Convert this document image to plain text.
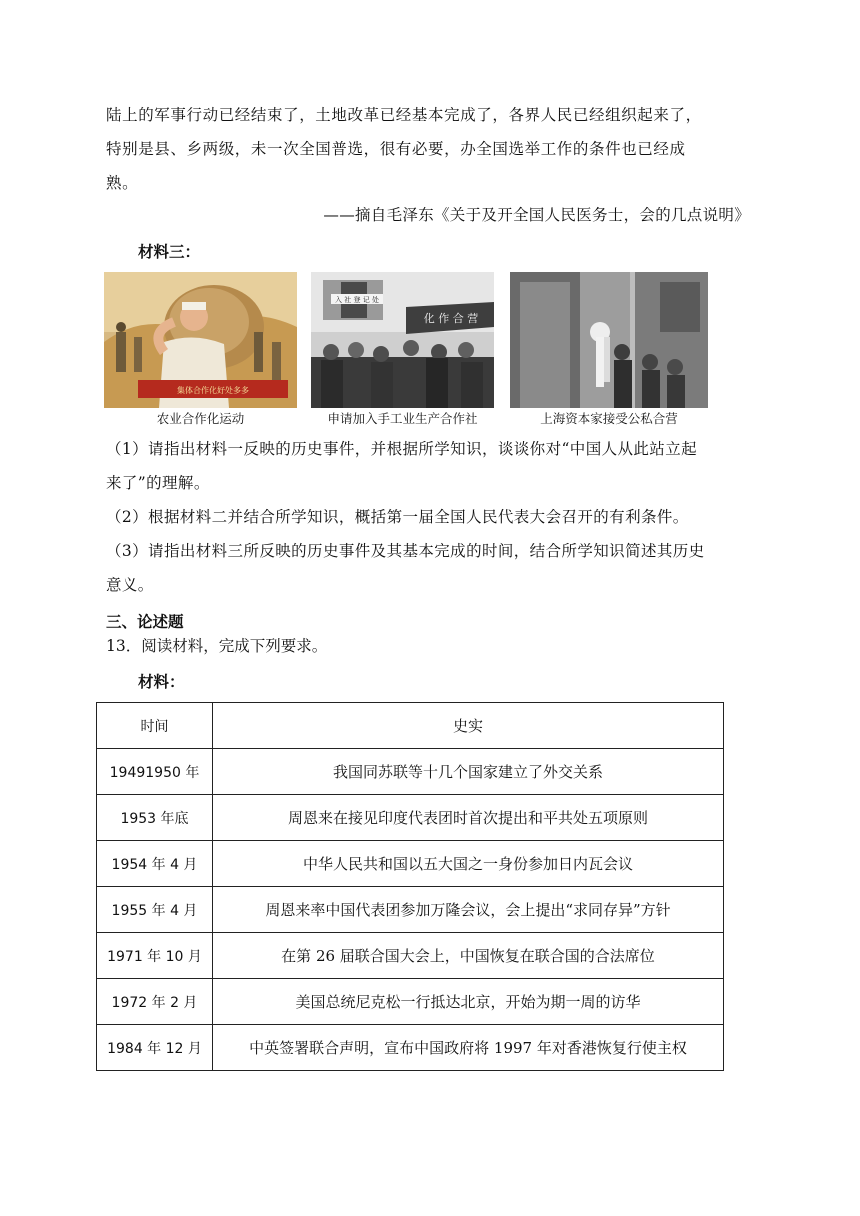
陆上的军事行动已经结束了，土地改革已经基本完成了，各界人民已经组织起来了，
特别是县、乡两级，未一次全国普选，很有必要，办全国选举工作的条件也已经成
熟。
——摘自毛泽东《关于及开全国人民医务士，会的几点说明》
材料三：
集体合作化好处多多
农业合作化运动
化 作 合 营
入 社 登 记 处
申请加入手工业生产合作社	上海资本家接受公私合营
（1）请指出材料一反映的历史事件，并根据所学知识，谈谈你对“中国人从此站立起
来了”的理解。
（2）根据材料二并结合所学知识，概括第一届全国人民代表大会召开的有利条件。
（3）请指出材料三所反映的历史事件及其基本完成的时间，结合所学知识简述其历史
意义。
三、论述题
13．阅读材料，完成下列要求。
材料：
时间	史实
19491950 年	我国同苏联等十几个国家建立了外交关系
1953 年底	周恩来在接见印度代表团时首次提出和平共处五项原则
1954 年 4 月	中华人民共和国以五大国之一身份参加日内瓦会议
1955 年 4 月	周恩来率中国代表团参加万隆会议，会上提出“求同存异”方针
1971 年 10 月	在第 26 届联合国大会上，中国恢复在联合国的合法席位
1972 年 2 月	美国总统尼克松一行抵达北京，开始为期一周的访华
1984 年 12 月	中英签署联合声明，宣布中国政府将 1997 年对香港恢复行使主权
